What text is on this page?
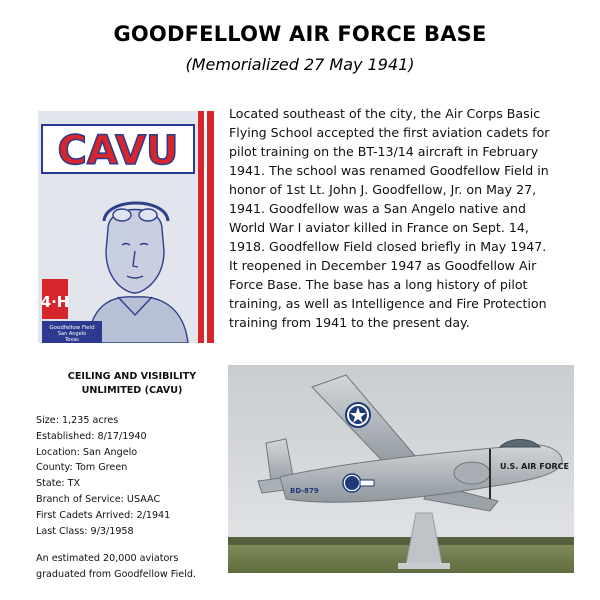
GOODFELLOW AIR FORCE BASE
(Memorialized 27 May 1941)
CAVU
4·H
Goodfellow Field
San Angelo
Texas
Located southeast of the city, the Air Corps Basic
Flying School accepted the first aviation cadets for
pilot training on the BT-13/14 aircraft in February
1941. The school was renamed Goodfellow Field in
honor of 1st Lt. John J. Goodfellow, Jr. on May 27,
1941. Goodfellow was a San Angelo native and
World War I aviator killed in France on Sept. 14,
1918. Goodfellow Field closed briefly in May 1947.
It reopened in December 1947 as Goodfellow Air
Force Base. The base has a long history of pilot
training, as well as Intelligence and Fire Protection
training from 1941 to the present day.
CEILING AND VISIBILITY
UNLIMITED (CAVU)
Size: 1,235 acres
Established: 8/17/1940
Location: San Angelo
County: Tom Green
State: TX
Branch of Service: USAAC
First Cadets Arrived: 2/1941
Last Class: 9/3/1958
An estimated 20,000 aviators
graduated from Goodfellow Field.
U.S. AIR FORCE
BD-879
